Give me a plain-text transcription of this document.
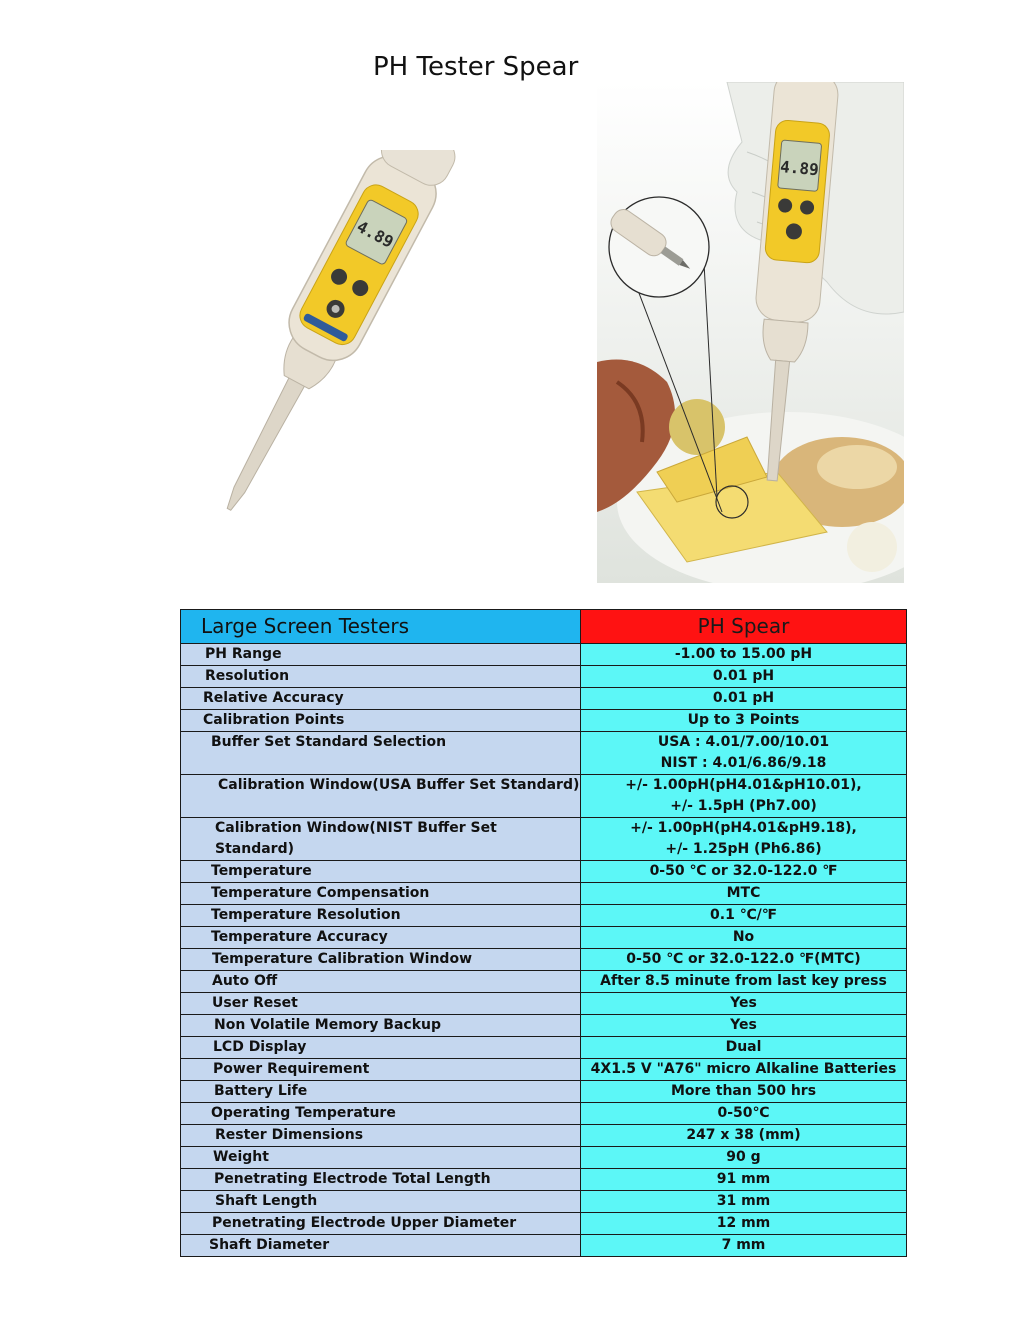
PH Tester Spear
4.89
4.89
Large Screen Testers	PH Spear

PH Range	-1.00 to 15.00 pH

Resolution	0.01 pH

Relative Accuracy	0.01 pH

Calibration Points	Up to 3 Points

Buffer Set Standard Selection	USA : 4.01/7.00/10.01
NIST : 4.01/6.86/9.18

Calibration Window(USA Buffer Set Standard)	+/- 1.00pH(pH4.01&pH10.01),
+/- 1.5pH (Ph7.00)

Calibration Window(NIST Buffer Set Standard)	+/- 1.00pH(pH4.01&pH9.18),
+/- 1.25pH (Ph6.86)

Temperature	0-50 ℃ or 32.0-122.0 ℉

Temperature Compensation	MTC

Temperature Resolution	0.1 ℃/℉

Temperature Accuracy	No

Temperature Calibration Window	0-50 ℃ or 32.0-122.0 ℉(MTC)

Auto Off	After 8.5 minute from last key press

User Reset	Yes

Non Volatile Memory Backup	Yes

LCD Display	Dual

Power Requirement	4X1.5 V "A76" micro Alkaline Batteries

Battery Life	More than 500 hrs

Operating Temperature	0-50℃

Rester Dimensions	247 x 38 (mm)

Weight	90 g

Penetrating Electrode Total Length	91 mm

Shaft Length	31 mm

Penetrating Electrode Upper Diameter	12 mm

Shaft Diameter	7 mm
